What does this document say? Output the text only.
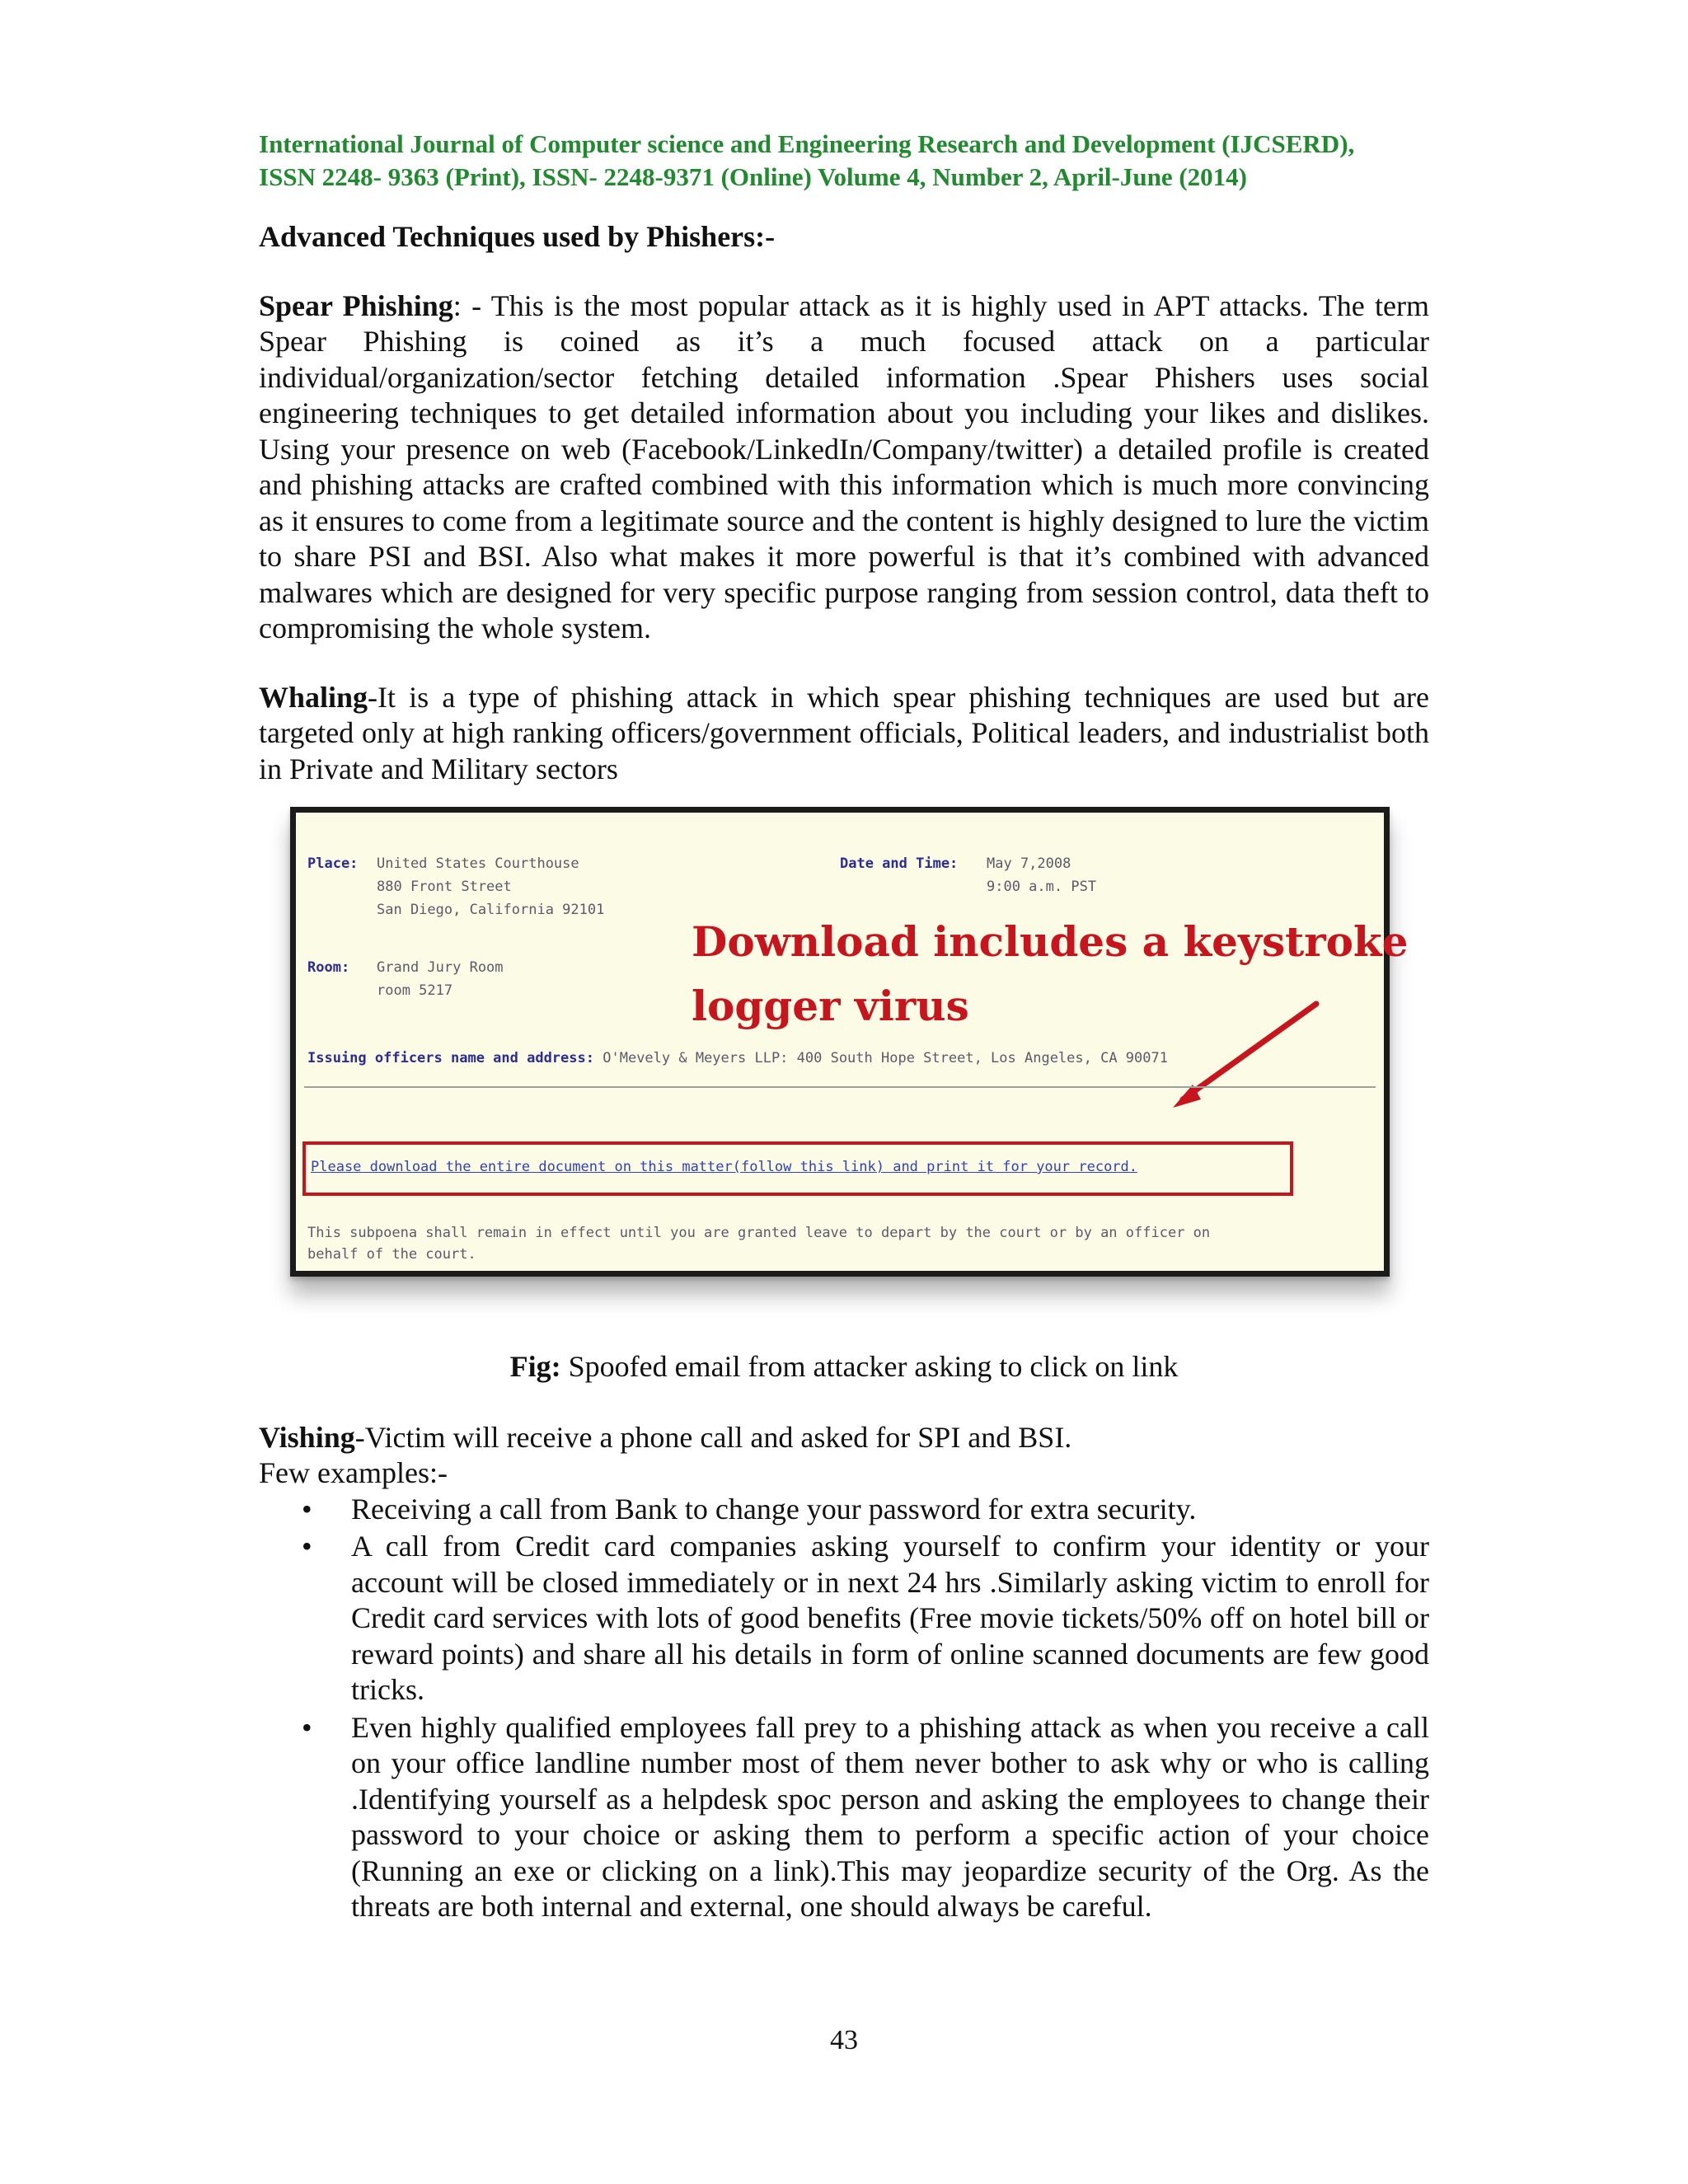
International Journal of Computer science and Engineering Research and Development (IJCSERD),
ISSN 2248- 9363 (Print), ISSN- 2248-9371 (Online) Volume 4, Number 2, April-June (2014)
Advanced Techniques used by Phishers:-

Spear Phishing: - This is the most popular attack as it is highly used in APT attacks. The term Spear Phishing is coined as it’s a much focused attack on a particular individual/organization/sector fetching detailed information .Spear Phishers uses social engineering techniques to get detailed information about you including your likes and dislikes. Using your presence on web (Facebook/LinkedIn/Company/twitter) a detailed profile is created and phishing attacks are crafted combined with this information which is much more convincing as it ensures to come from a legitimate source and the content is highly designed to lure the victim to share PSI and BSI. Also what makes it more powerful is that it’s combined with advanced malwares which are designed for very specific purpose ranging from session control, data theft to compromising the whole system.

Whaling-It is a type of phishing attack in which spear phishing techniques are used but are targeted only at high ranking officers/government officials, Political leaders, and industrialist both in Private and Military sectors

Place: United States Courthouse
880 Front Street
San Diego, California 92101
Room: Grand Jury Room
room 5217
Date and Time: May 7,2008
9:00 a.m. PST
Download includes a keystroke
logger virus
Issuing officers name and address: O'Mevely & Meyers LLP: 400 South Hope Street, Los Angeles, CA 90071
Please download the entire document on this matter(follow this link) and print it for your record.
This subpoena shall remain in effect until you are granted leave to depart by the court or by an officer on
behalf of the court.
Fig: Spoofed email from attacker asking to click on link
Vishing-Victim will receive a phone call and asked for SPI and BSI.
Few examples:-
• Receiving a call from Bank to change your password for extra security.
• A call from Credit card companies asking yourself to confirm your identity or your account will be closed immediately or in next 24 hrs .Similarly asking victim to enroll for Credit card services with lots of good benefits (Free movie tickets/50% off on hotel bill or reward points) and share all his details in form of online scanned documents are few good tricks.
• Even highly qualified employees fall prey to a phishing attack as when you receive a call on your office landline number most of them never bother to ask why or who is calling .Identifying yourself as a helpdesk spoc person and asking the employees to change their password to your choice or asking them to perform a specific action of your choice (Running an exe or clicking on a link).This may jeopardize security of the Org. As the threats are both internal and external, one should always be careful.
43
